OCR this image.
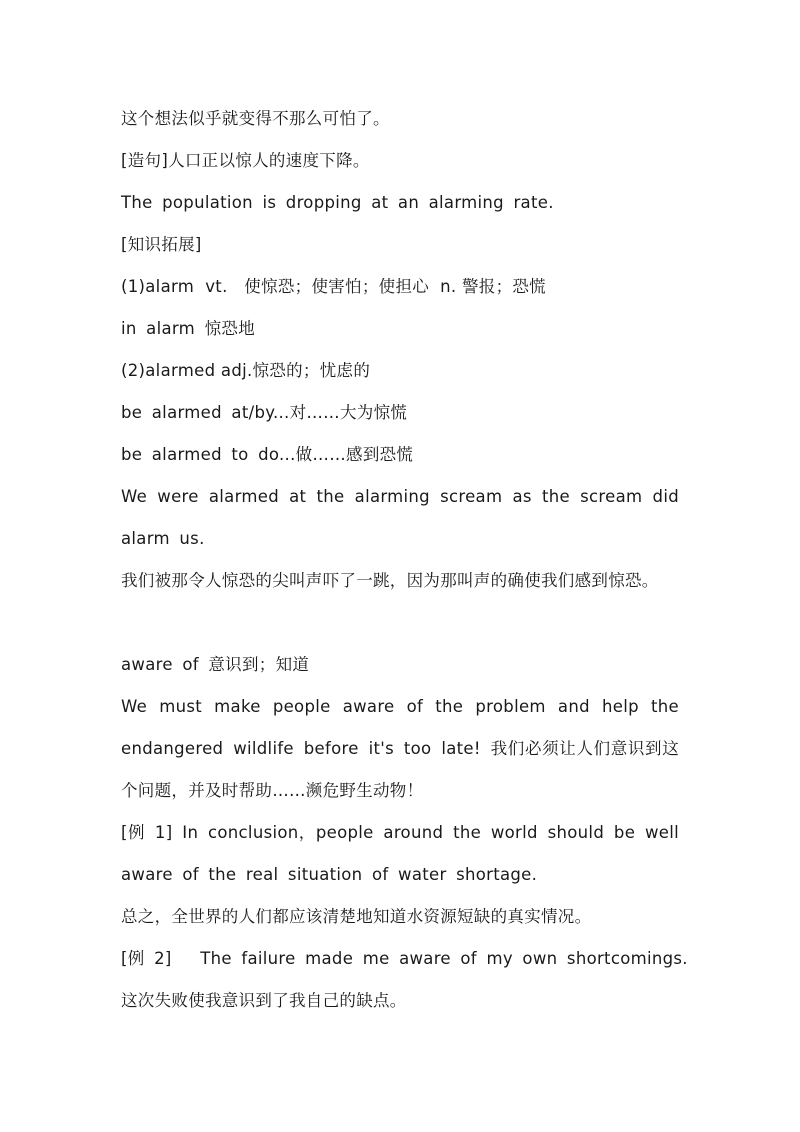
这个想法似乎就变得不那么可怕了。
[造句]人口正以惊人的速度下降。
The population is dropping at an alarming rate.
[知识拓展]
(1)alarm  vt.   使惊恐；使害怕；使担心  n. 警报；恐慌
in alarm 惊恐地
(2)alarmed adj.惊恐的；忧虑的
be alarmed at/by...对……大为惊慌
be alarmed to do...做……感到恐慌
We were alarmed at the alarming scream as the scream did
alarm us.
我们被那令人惊恐的尖叫声吓了一跳，因为那叫声的确使我们感到惊恐。
aware of 意识到；知道
We must make people aware of the problem and help the
endangered wildlife before it's too late! 我们必须让人们意识到这
个问题，并及时帮助……濒危野生动物！
[例 1] In conclusion，people around the world should be well
aware of the real situation of water shortage.
总之，全世界的人们都应该清楚地知道水资源短缺的真实情况。
[例 2]   The failure made me aware of my own shortcomings.
这次失败使我意识到了我自己的缺点。
